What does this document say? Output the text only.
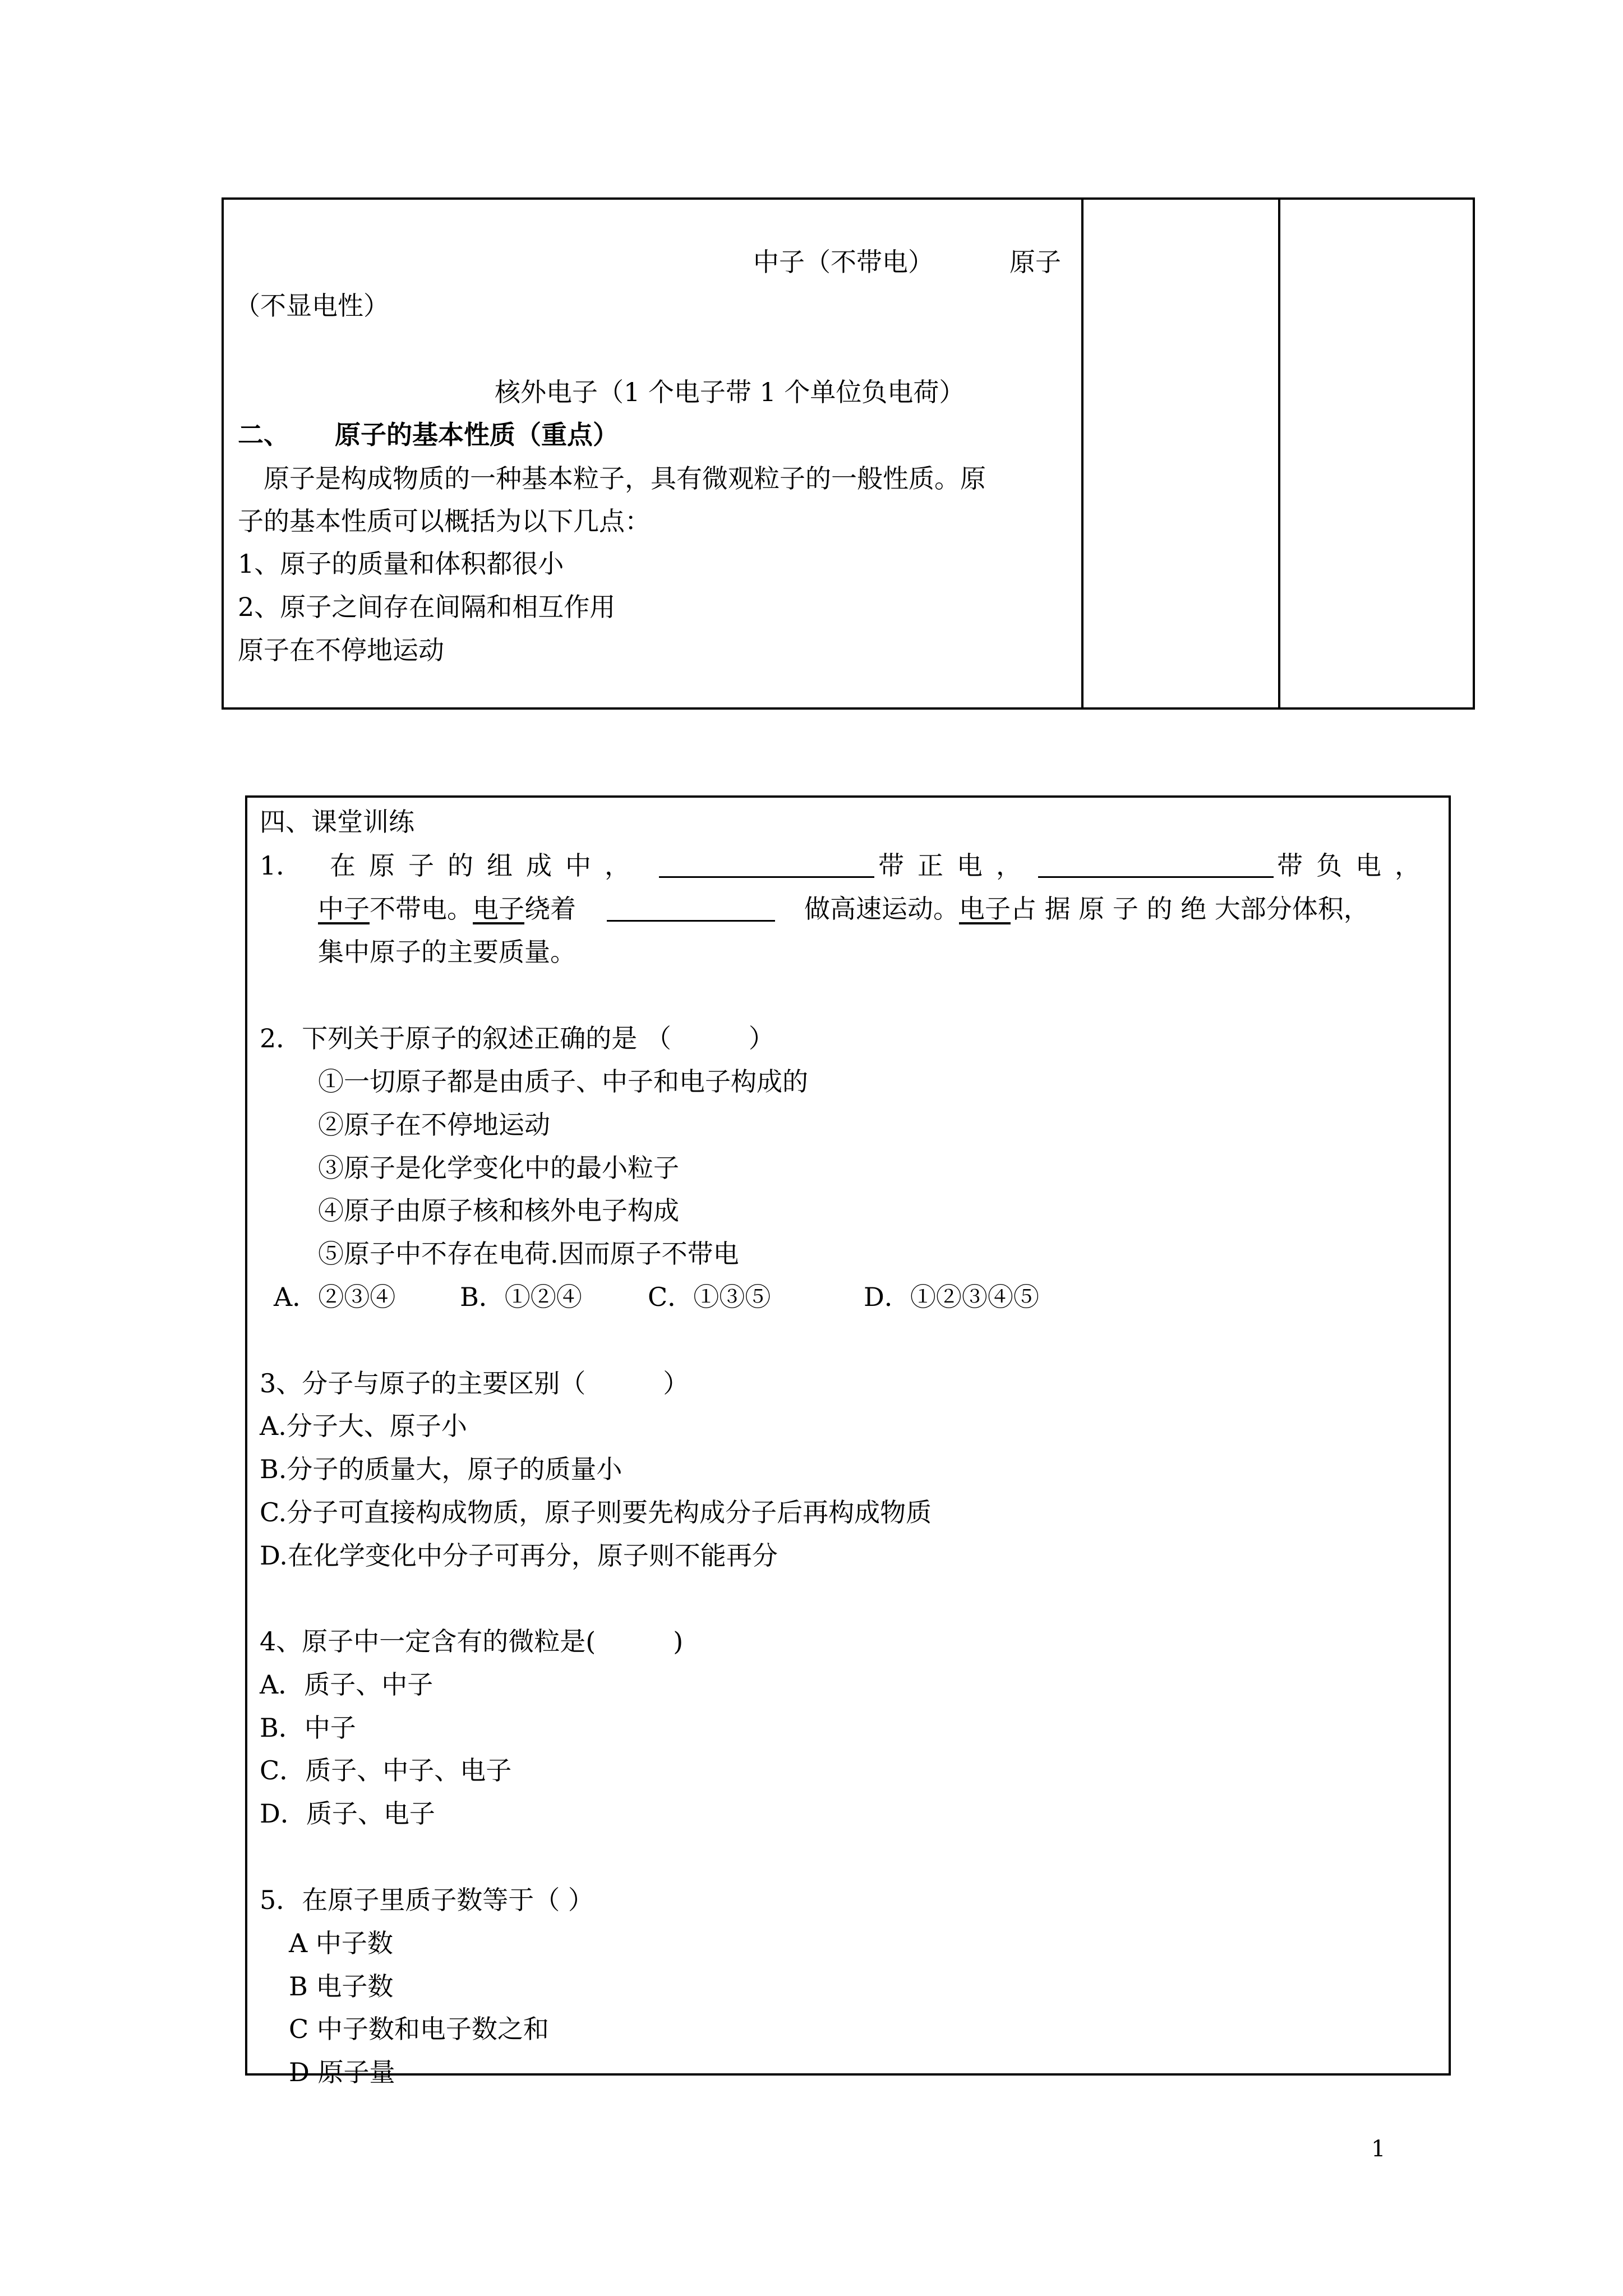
中子（不带电）	原子
（不显电性）
核外电子（1 个电子带 1 个单位负电荷）
二、 原子的基本性质（重点）
原子是构成物质的一种基本粒子，具有微观粒子的一般性质。原
子的基本性质可以概括为以下几点：
1、原子的质量和体积都很小
2、原子之间存在间隔和相互作用
原子在不停地运动
四、课堂训练
1． 在原子的组成中，	带正电，	带负电，
中子不带电。电子绕着	做高速运动。电子占 据 原 子 的 绝 大部分体积，
集中原子的主要质量。
2．下列关于原子的叙述正确的是 （　　　）
①一切原子都是由质子、中子和电子构成的
②原子在不停地运动
③原子是化学变化中的最小粒子
④原子由原子核和核外电子构成
⑤原子中不存在电荷.因而原子不带电
A．②③④ B．①②④	C．①③⑤	D．①②③④⑤
3、分子与原子的主要区别（　　　）
A.分子大、原子小
B.分子的质量大，原子的质量小
C.分子可直接构成物质，原子则要先构成分子后再构成物质
D.在化学变化中分子可再分，原子则不能再分
4、原子中一定含有的微粒是(　　　)
A．质子、中子
B．中子
C．质子、中子、电子
D．质子、电子
5．在原子里质子数等于（ ）
A 中子数
B 电子数
C 中子数和电子数之和
D 原子量
1
